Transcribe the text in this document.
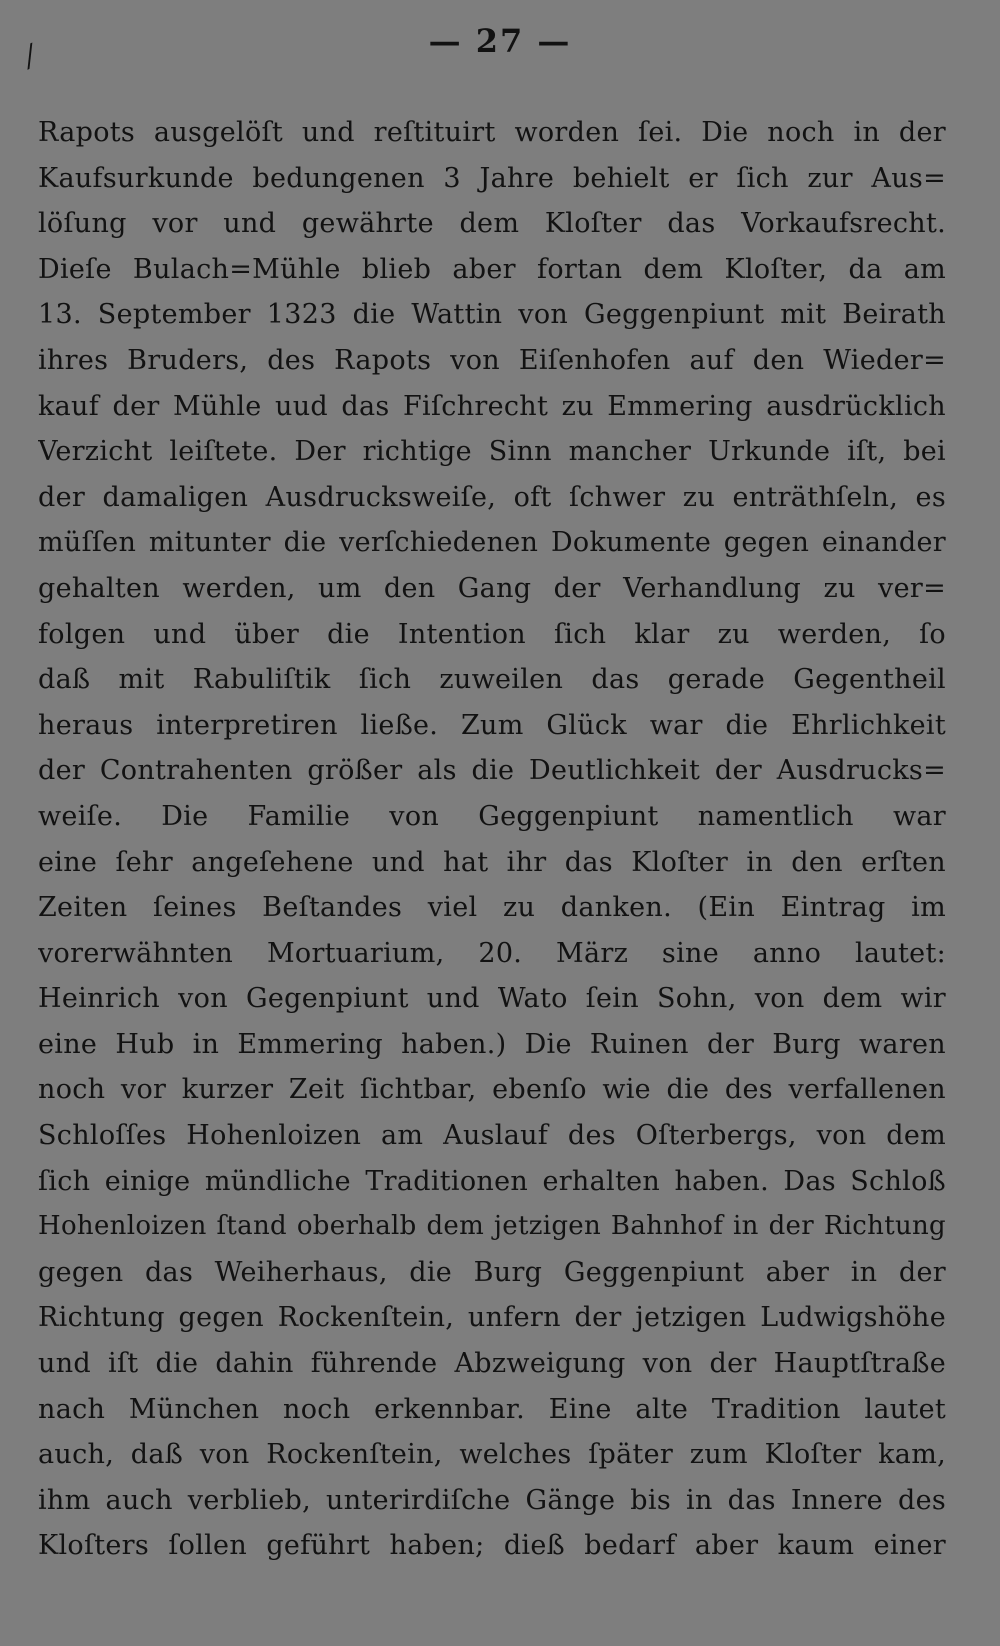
⁄	— 27 —
Rapots ausgelöſt und reſtituirt worden ſei. Die noch in der
Kaufsurkunde bedungenen 3 Jahre behielt er ſich zur Aus=
löſung vor und gewährte dem Kloſter das Vorkaufsrecht.
Dieſe Bulach=Mühle blieb aber fortan dem Kloſter, da am
13. September 1323 die Wattin von Geggenpiunt mit Beirath
ihres Bruders, des Rapots von Eiſenhofen auf den Wieder=
kauf der Mühle uud das Fiſchrecht zu Emmering ausdrücklich
Verzicht leiſtete. Der richtige Sinn mancher Urkunde iſt, bei
der damaligen Ausdrucksweiſe, oft ſchwer zu enträthſeln, es
müſſen mitunter die verſchiedenen Dokumente gegen einander
gehalten werden, um den Gang der Verhandlung zu ver=
folgen und über die Intention ſich klar zu werden, ſo
daß mit Rabuliſtik ſich zuweilen das gerade Gegentheil
heraus interpretiren ließe. Zum Glück war die Ehrlichkeit
der Contrahenten größer als die Deutlichkeit der Ausdrucks=
weiſe. Die Familie von Geggenpiunt namentlich war
eine ſehr angeſehene und hat ihr das Kloſter in den erſten
Zeiten ſeines Beſtandes viel zu danken. (Ein Eintrag im
vorerwähnten Mortuarium, 20. März sine anno lautet:
Heinrich von Gegenpiunt und Wato ſein Sohn, von dem wir
eine Hub in Emmering haben.) Die Ruinen der Burg waren
noch vor kurzer Zeit ſichtbar, ebenſo wie die des verfallenen
Schloſſes Hohenloizen am Auslauf des Oſterbergs, von dem
ſich einige mündliche Traditionen erhalten haben. Das Schloß
Hohenloizen ſtand oberhalb dem jetzigen Bahnhof in der Richtung
gegen das Weiherhaus, die Burg Geggenpiunt aber in der
Richtung gegen Rockenſtein, unfern der jetzigen Ludwigshöhe
und iſt die dahin führende Abzweigung von der Hauptſtraße
nach München noch erkennbar. Eine alte Tradition lautet
auch, daß von Rockenſtein, welches ſpäter zum Kloſter kam,
ihm auch verblieb, unterirdiſche Gänge bis in das Innere des
Kloſters ſollen geführt haben; dieß bedarf aber kaum einer
